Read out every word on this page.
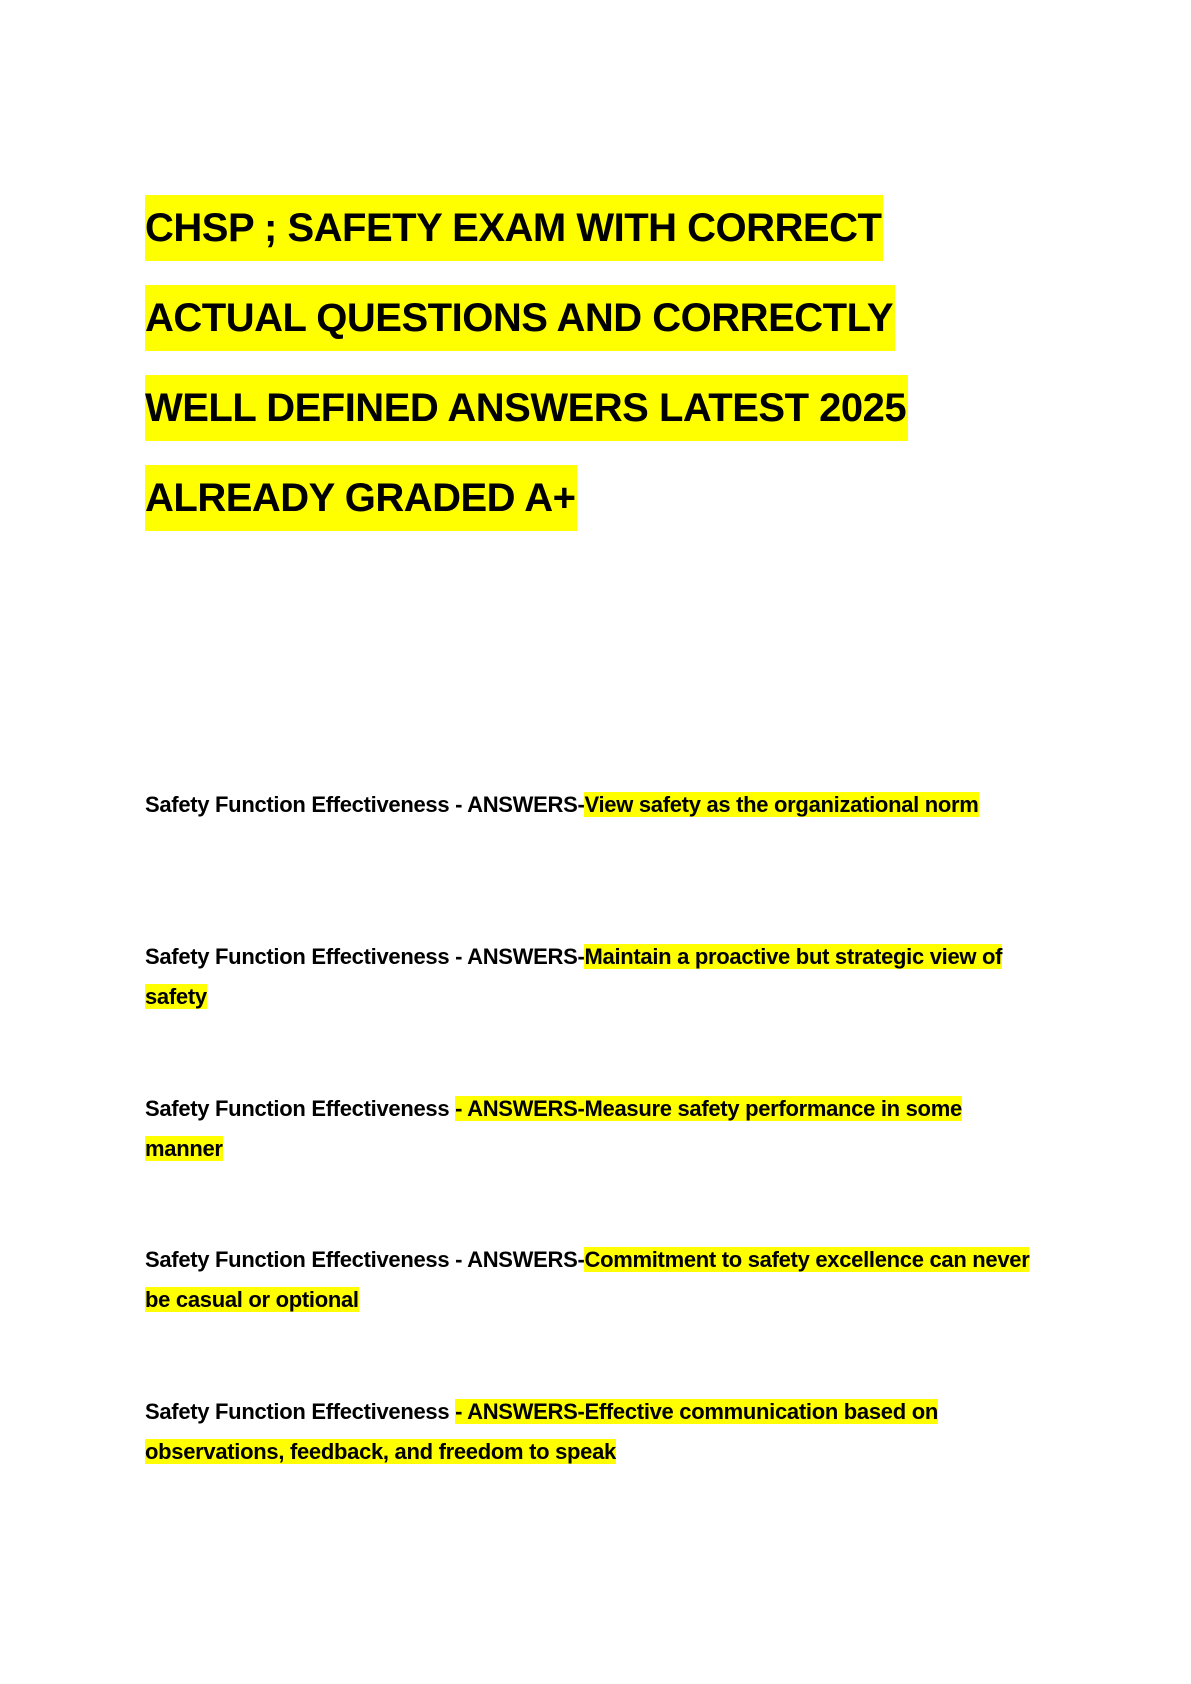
CHSP ; SAFETY EXAM WITH CORRECT
ACTUAL QUESTIONS AND CORRECTLY
WELL DEFINED ANSWERS LATEST 2025
ALREADY GRADED A+

Safety Function Effectiveness - ANSWERS-View safety as the organizational norm

Safety Function Effectiveness - ANSWERS-Maintain a proactive but strategic view of safety

Safety Function Effectiveness - ANSWERS-Measure safety performance in some manner

Safety Function Effectiveness - ANSWERS-Commitment to safety excellence can never be casual or optional

Safety Function Effectiveness - ANSWERS-Effective communication based on observations, feedback, and freedom to speak
